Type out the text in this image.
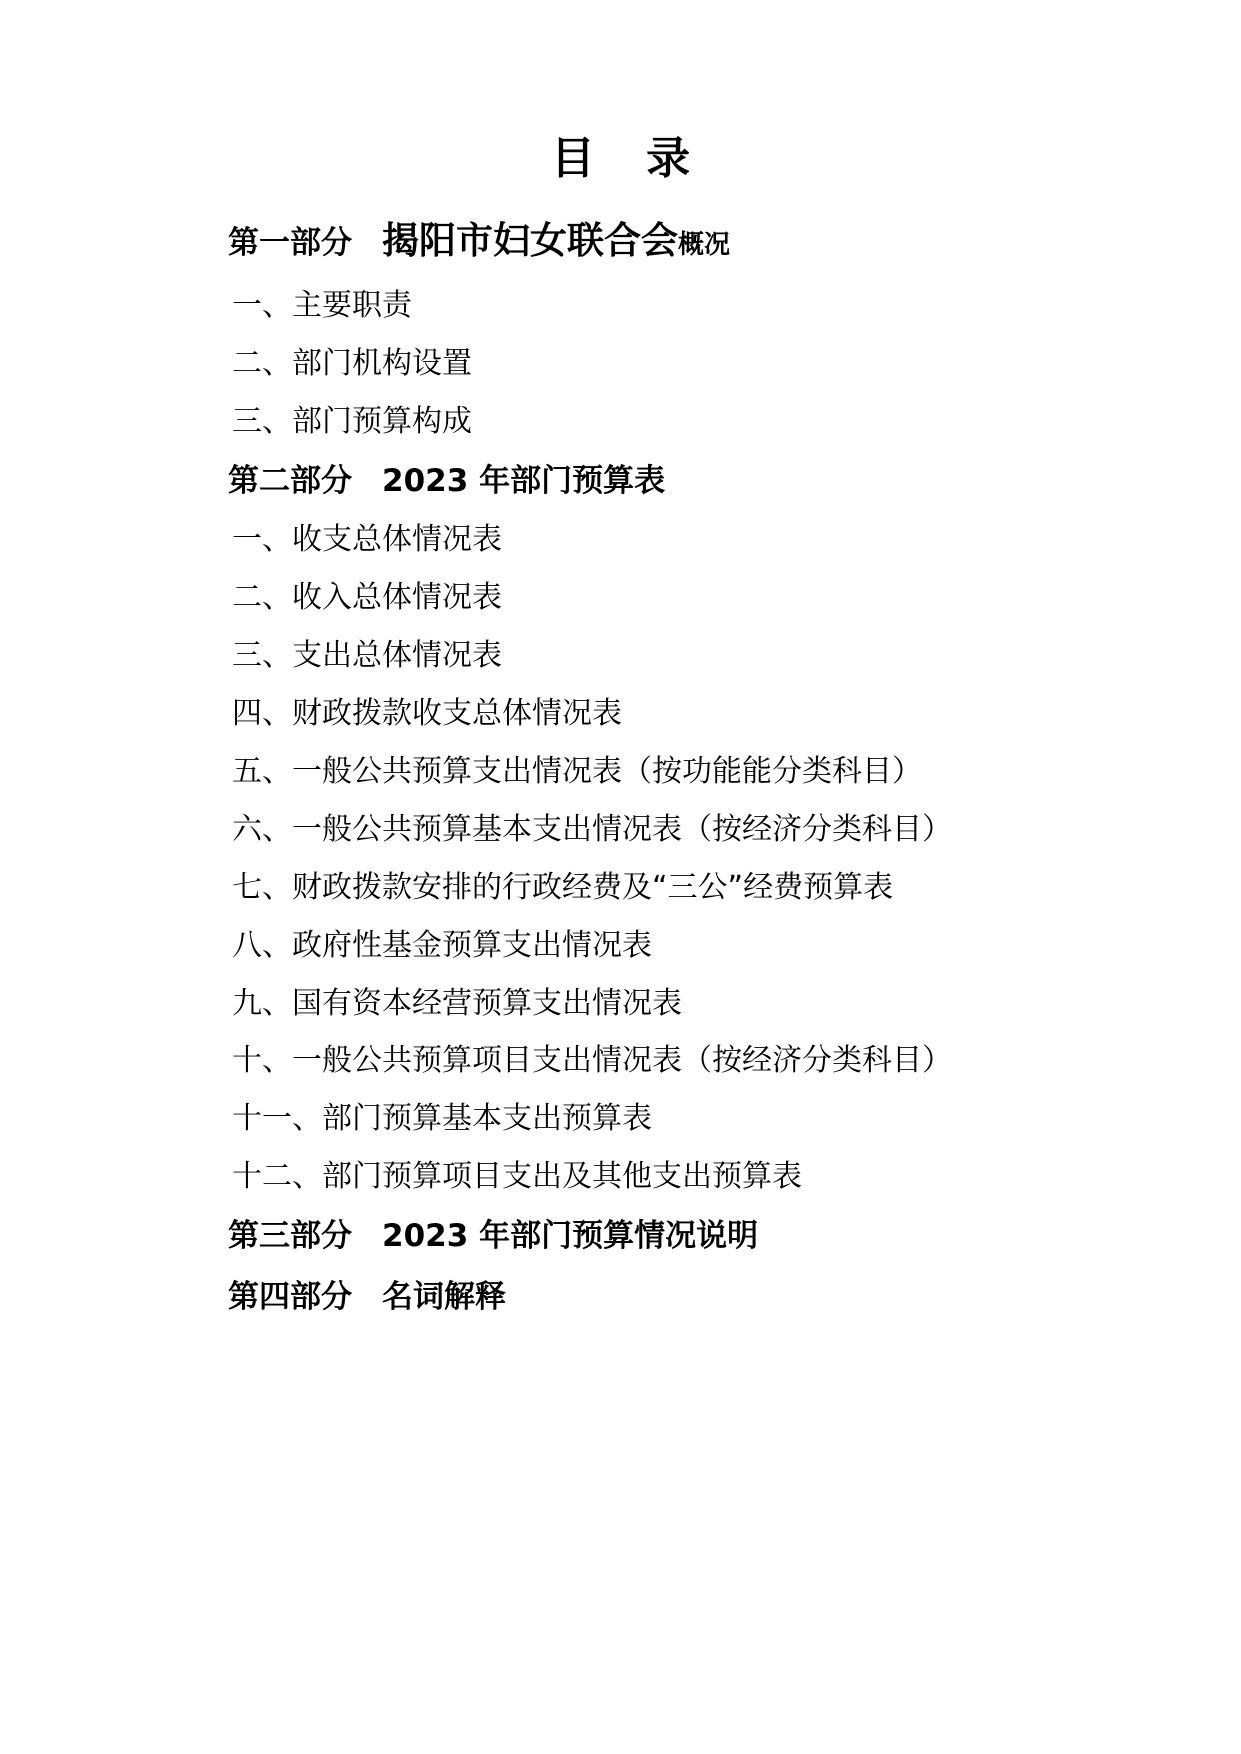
目 录
第一部分 揭阳市妇女联合会概况
一、主要职责
二、部门机构设置
三、部门预算构成
第二部分 2023 年部门预算表
一、收支总体情况表
二、收入总体情况表
三、支出总体情况表
四、财政拨款收支总体情况表
五、一般公共预算支出情况表（按功能能分类科目）
六、一般公共预算基本支出情况表（按经济分类科目）
七、财政拨款安排的行政经费及“三公”经费预算表
八、政府性基金预算支出情况表
九、国有资本经营预算支出情况表
十、一般公共预算项目支出情况表（按经济分类科目）
十一、部门预算基本支出预算表
十二、部门预算项目支出及其他支出预算表
第三部分 2023 年部门预算情况说明
第四部分 名词解释
